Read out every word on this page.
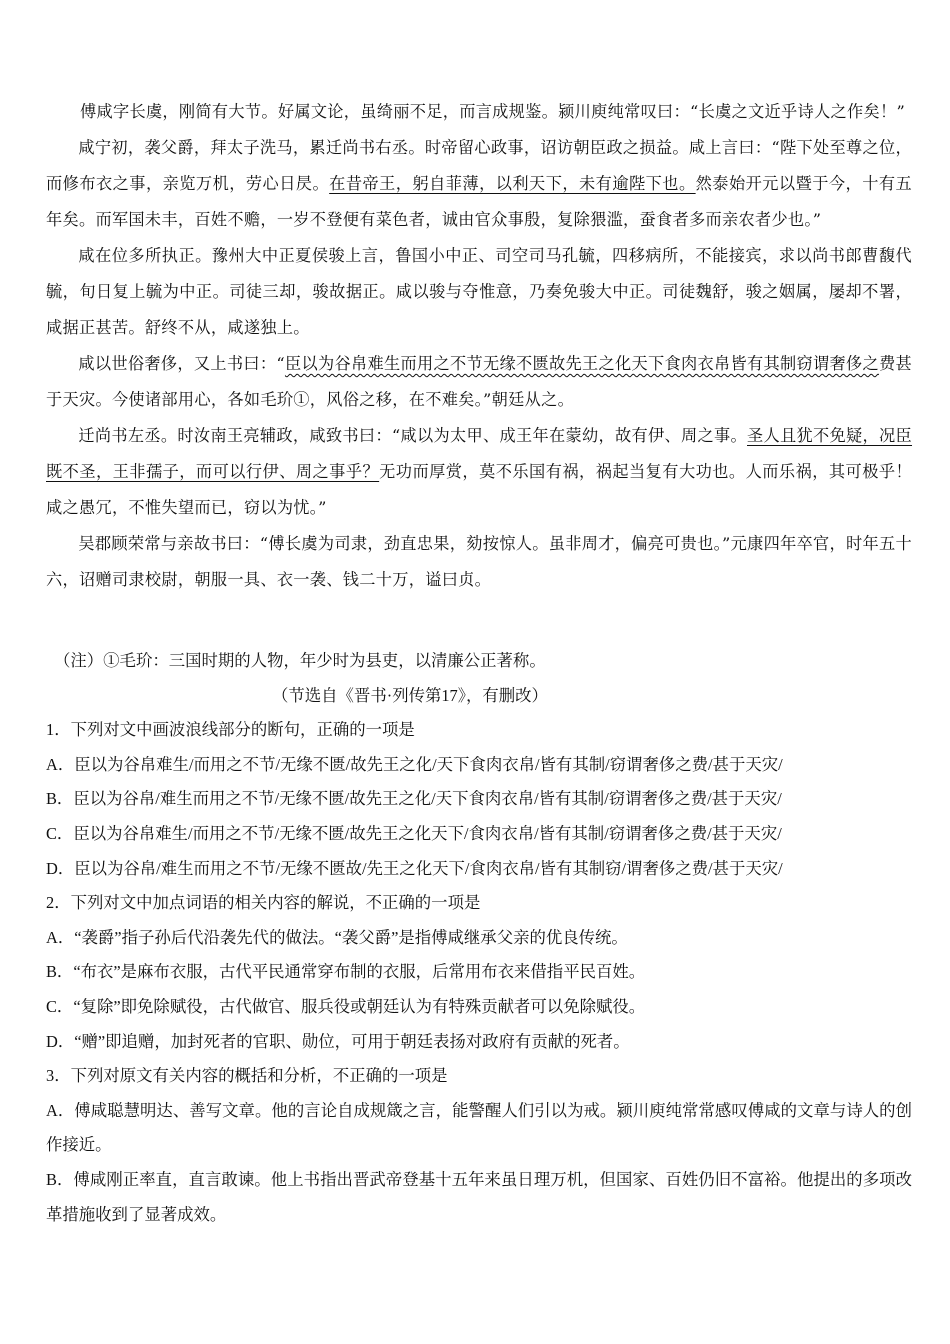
傅咸字长虞，刚简有大节。好属文论，虽绮丽不足，而言成规鉴。颍川庾纯常叹曰：“长虞之文近乎诗人之作矣！”

咸宁初，袭父爵，拜太子洗马，累迁尚书右丞。时帝留心政事，诏访朝臣政之损益。咸上言曰：“陛下处至尊之位，而修布衣之事，亲览万机，劳心日昃。在昔帝王，躬自菲薄，以利天下，未有逾陛下也。然泰始开元以暨于今，十有五年矣。而军国未丰，百姓不赡，一岁不登便有菜色者，诚由官众事殷，复除猥滥，蚕食者多而亲农者少也。”

咸在位多所执正。豫州大中正夏侯骏上言，鲁国小中正、司空司马孔毓，四移病所，不能接宾，求以尚书郎曹馥代毓，旬日复上毓为中正。司徒三却，骏故据正。咸以骏与夺惟意，乃奏免骏大中正。司徒魏舒，骏之姻属，屡却不署，咸据正甚苦。舒终不从，咸遂独上。

咸以世俗奢侈，又上书曰：“臣以为谷帛难生而用之不节无缘不匮故先王之化天下食肉衣帛皆有其制窃谓奢侈之费甚于天灾。今使诸部用心，各如毛玠①，风俗之移，在不难矣。”朝廷从之。

迁尚书左丞。时汝南王亮辅政，咸致书曰：“咸以为太甲、成王年在蒙幼，故有伊、周之事。圣人且犹不免疑，况臣既不圣，王非孺子，而可以行伊、周之事乎？无功而厚赏，莫不乐国有祸，祸起当复有大功也。人而乐祸，其可极乎！咸之愚冗，不惟失望而已，窃以为忧。”

吴郡顾荣常与亲故书曰：“傅长虞为司隶，劲直忠果，劾按惊人。虽非周才，偏亮可贵也。”元康四年卒官，时年五十六，诏赠司隶校尉，朝服一具、衣一袭、钱二十万，谥曰贞。

（注）①毛玠：三国时期的人物，年少时为县吏，以清廉公正著称。

（节选自《晋书·列传第17》，有删改）

1．下列对文中画波浪线部分的断句，正确的一项是

A．臣以为谷帛难生/而用之不节/无缘不匮/故先王之化/天下食肉衣帛/皆有其制/窃谓奢侈之费/甚于天灾/

B．臣以为谷帛/难生而用之不节/无缘不匮/故先王之化/天下食肉衣帛/皆有其制/窃谓奢侈之费/甚于天灾/

C．臣以为谷帛难生/而用之不节/无缘不匮/故先王之化天下/食肉衣帛/皆有其制/窃谓奢侈之费/甚于天灾/

D．臣以为谷帛/难生而用之不节/无缘不匮故/先王之化天下/食肉衣帛/皆有其制窃/谓奢侈之费/甚于天灾/

2．下列对文中加点词语的相关内容的解说，不正确的一项是

A．“袭爵”指子孙后代沿袭先代的做法。“袭父爵”是指傅咸继承父亲的优良传统。

B．“布衣”是麻布衣服，古代平民通常穿布制的衣服，后常用布衣来借指平民百姓。

C．“复除”即免除赋役，古代做官、服兵役或朝廷认为有特殊贡献者可以免除赋役。

D．“赠”即追赠，加封死者的官职、勋位，可用于朝廷表扬对政府有贡献的死者。

3．下列对原文有关内容的概括和分析，不正确的一项是

A．傅咸聪慧明达、善写文章。他的言论自成规箴之言，能警醒人们引以为戒。颍川庾纯常常感叹傅咸的文章与诗人的创作接近。

B．傅咸刚正率直，直言敢谏。他上书指出晋武帝登基十五年来虽日理万机，但国家、百姓仍旧不富裕。他提出的多项改革措施收到了显著成效。
